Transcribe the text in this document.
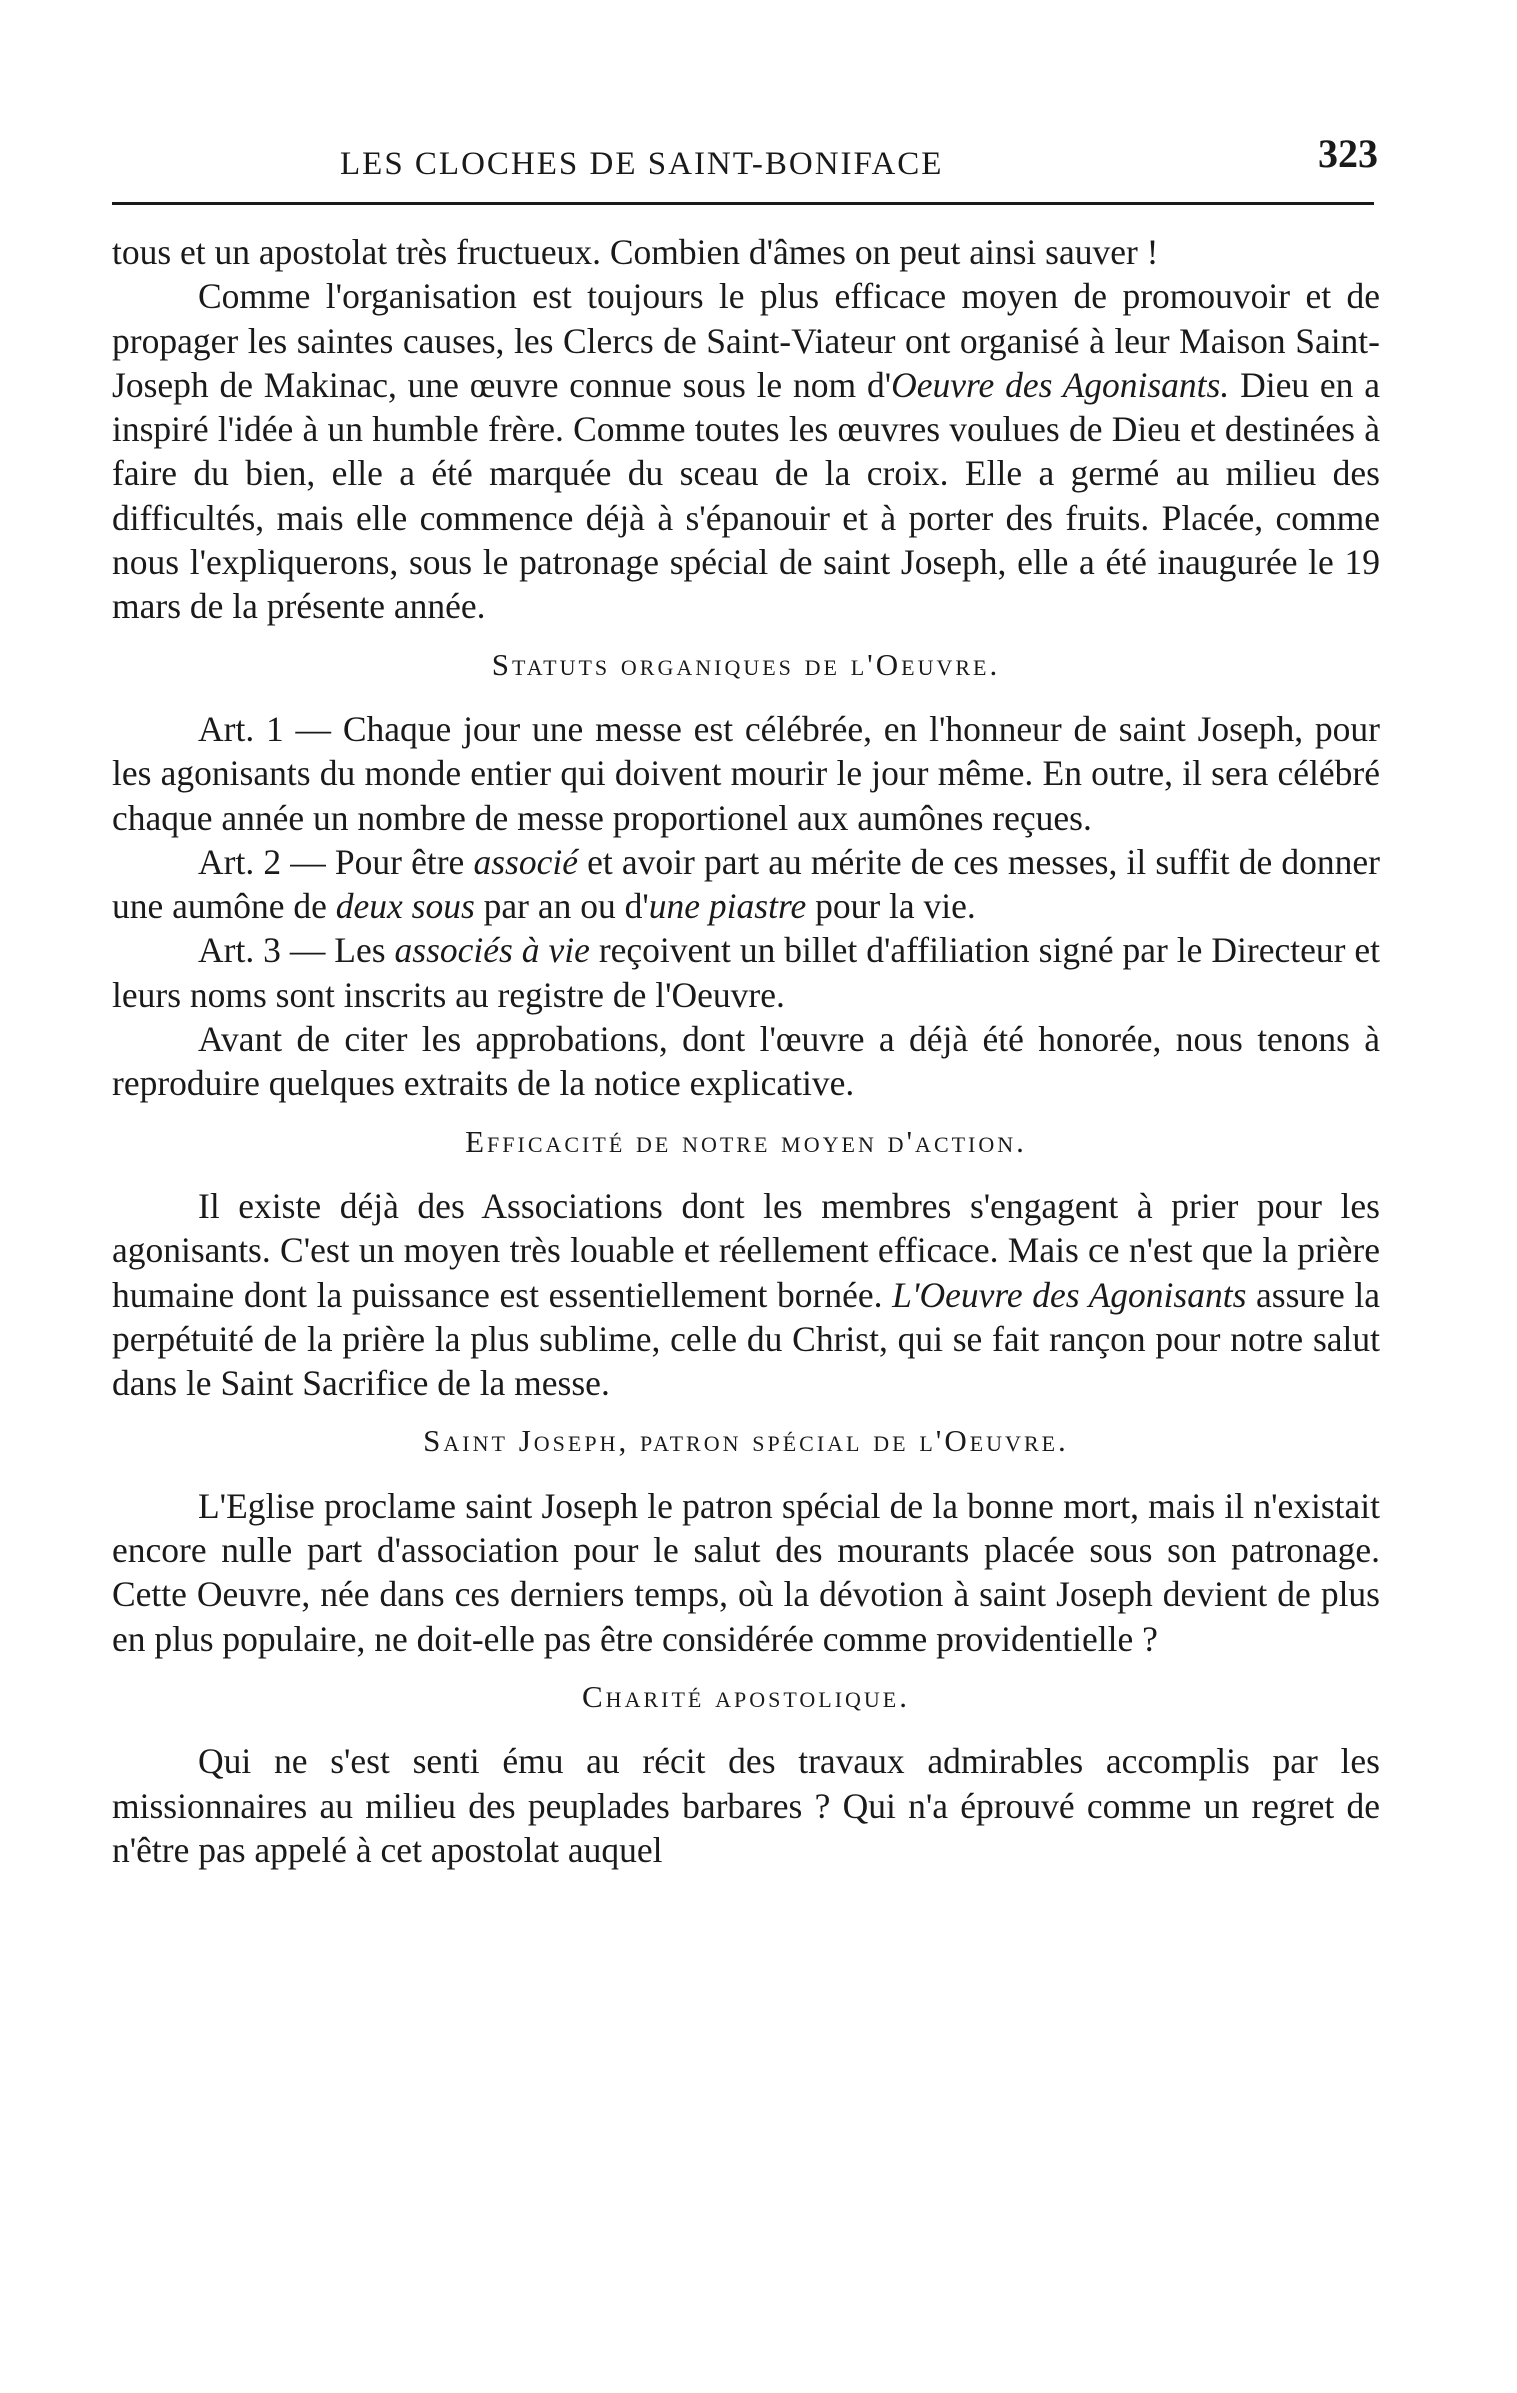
LES CLOCHES DE SAINT-BONIFACE	323

tous et un apostolat très fructueux. Combien d'âmes on peut ainsi sauver !

Comme l'organisation est toujours le plus efficace moyen de promouvoir et de propager les saintes causes, les Clercs de Saint-Viateur ont organisé à leur Maison Saint-Joseph de Makinac, une œuvre connue sous le nom d'Oeuvre des Agonisants. Dieu en a inspiré l'idée à un humble frère. Comme toutes les œuvres voulues de Dieu et destinées à faire du bien, elle a été marquée du sceau de la croix. Elle a germé au milieu des difficultés, mais elle commence déjà à s'épanouir et à porter des fruits. Placée, comme nous l'expliquerons, sous le patronage spécial de saint Joseph, elle a été inaugurée le 19 mars de la présente année.

Statuts organiques de l'Oeuvre.

Art. 1 — Chaque jour une messe est célébrée, en l'honneur de saint Joseph, pour les agonisants du monde entier qui doivent mourir le jour même. En outre, il sera célébré chaque année un nombre de messe proportionel aux aumônes reçues.

Art. 2 — Pour être associé et avoir part au mérite de ces messes, il suffit de donner une aumône de deux sous par an ou d'une piastre pour la vie.

Art. 3 — Les associés à vie reçoivent un billet d'affiliation signé par le Directeur et leurs noms sont inscrits au registre de l'Oeuvre.

Avant de citer les approbations, dont l'œuvre a déjà été honorée, nous tenons à reproduire quelques extraits de la notice explicative.

Efficacité de notre moyen d'action.

Il existe déjà des Associations dont les membres s'engagent à prier pour les agonisants. C'est un moyen très louable et réellement efficace. Mais ce n'est que la prière humaine dont la puissance est essentiellement bornée. L'Oeuvre des Agonisants assure la perpétuité de la prière la plus sublime, celle du Christ, qui se fait rançon pour notre salut dans le Saint Sacrifice de la messe.

Saint Joseph, patron spécial de l'Oeuvre.

L'Eglise proclame saint Joseph le patron spécial de la bonne mort, mais il n'existait encore nulle part d'association pour le salut des mourants placée sous son patronage. Cette Oeuvre, née dans ces derniers temps, où la dévotion à saint Joseph devient de plus en plus populaire, ne doit-elle pas être considérée comme providentielle ?

Charité apostolique.

Qui ne s'est senti ému au récit des travaux admirables accomplis par les missionnaires au milieu des peuplades barbares ? Qui n'a éprouvé comme un regret de n'être pas appelé à cet apostolat auquel
